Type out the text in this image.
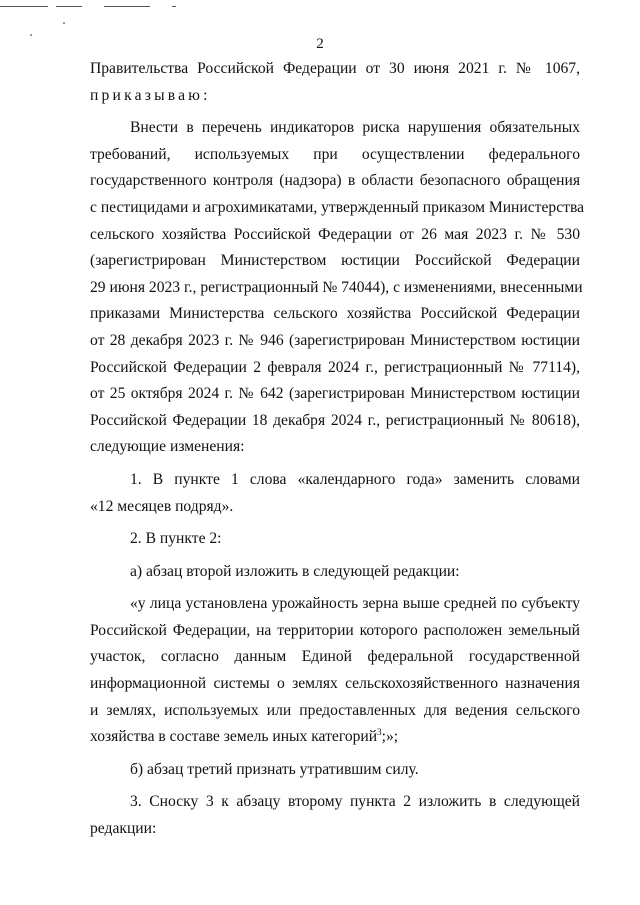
2
Правительства Российской Федерации от 30 июня 2021 г. № 1067,
приказываю:
Внести в перечень индикаторов риска нарушения обязательных
требований, используемых при осуществлении федерального
государственного контроля (надзора) в области безопасного обращения
с пестицидами и агрохимикатами, утвержденный приказом Министерства
сельского хозяйства Российской Федерации от 26 мая 2023 г. № 530
(зарегистрирован Министерством юстиции Российской Федерации
29 июня 2023 г., регистрационный № 74044), с изменениями, внесенными
приказами Министерства сельского хозяйства Российской Федерации
от 28 декабря 2023 г. № 946 (зарегистрирован Министерством юстиции
Российской Федерации 2 февраля 2024 г., регистрационный № 77114),
от 25 октября 2024 г. № 642 (зарегистрирован Министерством юстиции
Российской Федерации 18 декабря 2024 г., регистрационный № 80618),
следующие изменения:
1. В пункте 1 слова «календарного года» заменить словами
«12 месяцев подряд».
2. В пункте 2:
а) абзац второй изложить в следующей редакции:
«у лица установлена урожайность зерна выше средней по субъекту
Российской Федерации, на территории которого расположен земельный
участок, согласно данным Единой федеральной государственной
информационной системы о землях сельскохозяйственного назначения
и землях, используемых или предоставленных для ведения сельского
хозяйства в составе земель иных категорий$^3$;»;
б) абзац третий признать утратившим силу.
3. Сноску 3 к абзацу второму пункта 2 изложить в следующей
редакции:
